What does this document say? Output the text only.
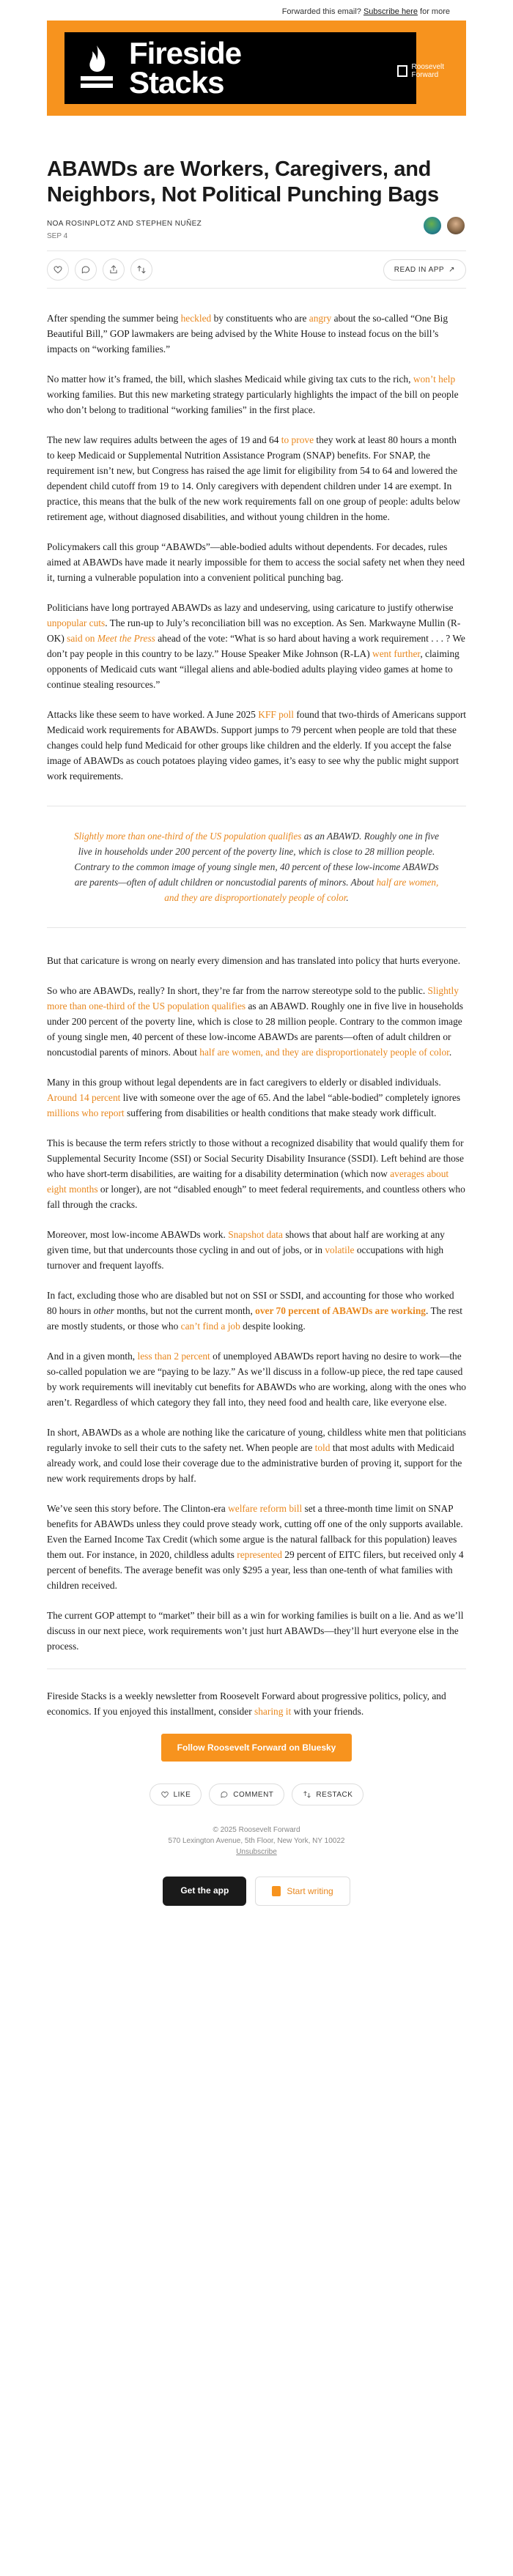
Forwarded this email? Subscribe here for more
Fireside
Stacks	Roosevelt
Forward
ABAWDs are Workers, Caregivers, and Neighbors, Not Political Punching Bags
NOA ROSINPLOTZ AND STEPHEN NUÑEZ
SEP 4
READ IN APP ↗

After spending the summer being heckled by constituents who are angry about the so-called “One Big Beautiful Bill,” GOP lawmakers are being advised by the White House to instead focus on the bill’s impacts on “working families.”

No matter how it’s framed, the bill, which slashes Medicaid while giving tax cuts to the rich, won’t help working families. But this new marketing strategy particularly highlights the impact of the bill on people who don’t belong to traditional “working families” in the first place.

The new law requires adults between the ages of 19 and 64 to prove they work at least 80 hours a month to keep Medicaid or Supplemental Nutrition Assistance Program (SNAP) benefits. For SNAP, the requirement isn’t new, but Congress has raised the age limit for eligibility from 54 to 64 and lowered the dependent child cutoff from 19 to 14. Only caregivers with dependent children under 14 are exempt. In practice, this means that the bulk of the new work requirements fall on one group of people: adults below retirement age, without diagnosed disabilities, and without young children in the home.

Policymakers call this group “ABAWDs”—able-bodied adults without dependents. For decades, rules aimed at ABAWDs have made it nearly impossible for them to access the social safety net when they need it, turning a vulnerable population into a convenient political punching bag.

Politicians have long portrayed ABAWDs as lazy and undeserving, using caricature to justify otherwise unpopular cuts. The run-up to July’s reconciliation bill was no exception. As Sen. Markwayne Mullin (R-OK) said on Meet the Press ahead of the vote: “What is so hard about having a work requirement . . . ? We don’t pay people in this country to be lazy.” House Speaker Mike Johnson (R-LA) went further, claiming opponents of Medicaid cuts want “illegal aliens and able-bodied adults playing video games at home to continue stealing resources.”

Attacks like these seem to have worked. A June 2025 KFF poll found that two-thirds of Americans support Medicaid work requirements for ABAWDs. Support jumps to 79 percent when people are told that these changes could help fund Medicaid for other groups like children and the elderly. If you accept the false image of ABAWDs as couch potatoes playing video games, it’s easy to see why the public might support work requirements.

Slightly more than one-third of the US population qualifies as an ABAWD. Roughly one in five live in households under 200 percent of the poverty line, which is close to 28 million people. Contrary to the common image of young single men, 40 percent of these low-income ABAWDs are parents—often of adult children or noncustodial parents of minors. About half are women, and they are disproportionately people of color.

But that caricature is wrong on nearly every dimension and has translated into policy that hurts everyone.

So who are ABAWDs, really? In short, they’re far from the narrow stereotype sold to the public. Slightly more than one-third of the US population qualifies as an ABAWD. Roughly one in five live in households under 200 percent of the poverty line, which is close to 28 million people. Contrary to the common image of young single men, 40 percent of these low-income ABAWDs are parents—often of adult children or noncustodial parents of minors. About half are women, and they are disproportionately people of color.

Many in this group without legal dependents are in fact caregivers to elderly or disabled individuals. Around 14 percent live with someone over the age of 65. And the label “able-bodied” completely ignores millions who report suffering from disabilities or health conditions that make steady work difficult.

This is because the term refers strictly to those without a recognized disability that would qualify them for Supplemental Security Income (SSI) or Social Security Disability Insurance (SSDI). Left behind are those who have short-term disabilities, are waiting for a disability determination (which now averages about eight months or longer), are not “disabled enough” to meet federal requirements, and countless others who fall through the cracks.

Moreover, most low-income ABAWDs work. Snapshot data shows that about half are working at any given time, but that undercounts those cycling in and out of jobs, or in volatile occupations with high turnover and frequent layoffs.

In fact, excluding those who are disabled but not on SSI or SSDI, and accounting for those who worked 80 hours in other months, but not the current month, over 70 percent of ABAWDs are working. The rest are mostly students, or those who can’t find a job despite looking.

And in a given month, less than 2 percent of unemployed ABAWDs report having no desire to work—the so-called population we are “paying to be lazy.” As we’ll discuss in a follow-up piece, the red tape caused by work requirements will inevitably cut benefits for ABAWDs who are working, along with the ones who aren’t. Regardless of which category they fall into, they need food and health care, like everyone else.

In short, ABAWDs as a whole are nothing like the caricature of young, childless white men that politicians regularly invoke to sell their cuts to the safety net. When people are told that most adults with Medicaid already work, and could lose their coverage due to the administrative burden of proving it, support for the new work requirements drops by half.

We’ve seen this story before. The Clinton-era welfare reform bill set a three-month time limit on SNAP benefits for ABAWDs unless they could prove steady work, cutting off one of the only supports available. Even the Earned Income Tax Credit (which some argue is the natural fallback for this population) leaves them out. For instance, in 2020, childless adults represented 29 percent of EITC filers, but received only 4 percent of benefits. The average benefit was only $295 a year, less than one-tenth of what families with children received.

The current GOP attempt to “market” their bill as a win for working families is built on a lie. And as we’ll discuss in our next piece, work requirements won’t just hurt ABAWDs—they’ll hurt everyone else in the process.

Fireside Stacks is a weekly newsletter from Roosevelt Forward about progressive politics, policy, and economics. If you enjoyed this installment, consider sharing it with your friends.

Follow Roosevelt Forward on Bluesky
LIKE	COMMENT	RESTACK
© 2025 Roosevelt Forward
570 Lexington Avenue, 5th Floor, New York, NY 10022
Unsubscribe
Get the app	Start writing
